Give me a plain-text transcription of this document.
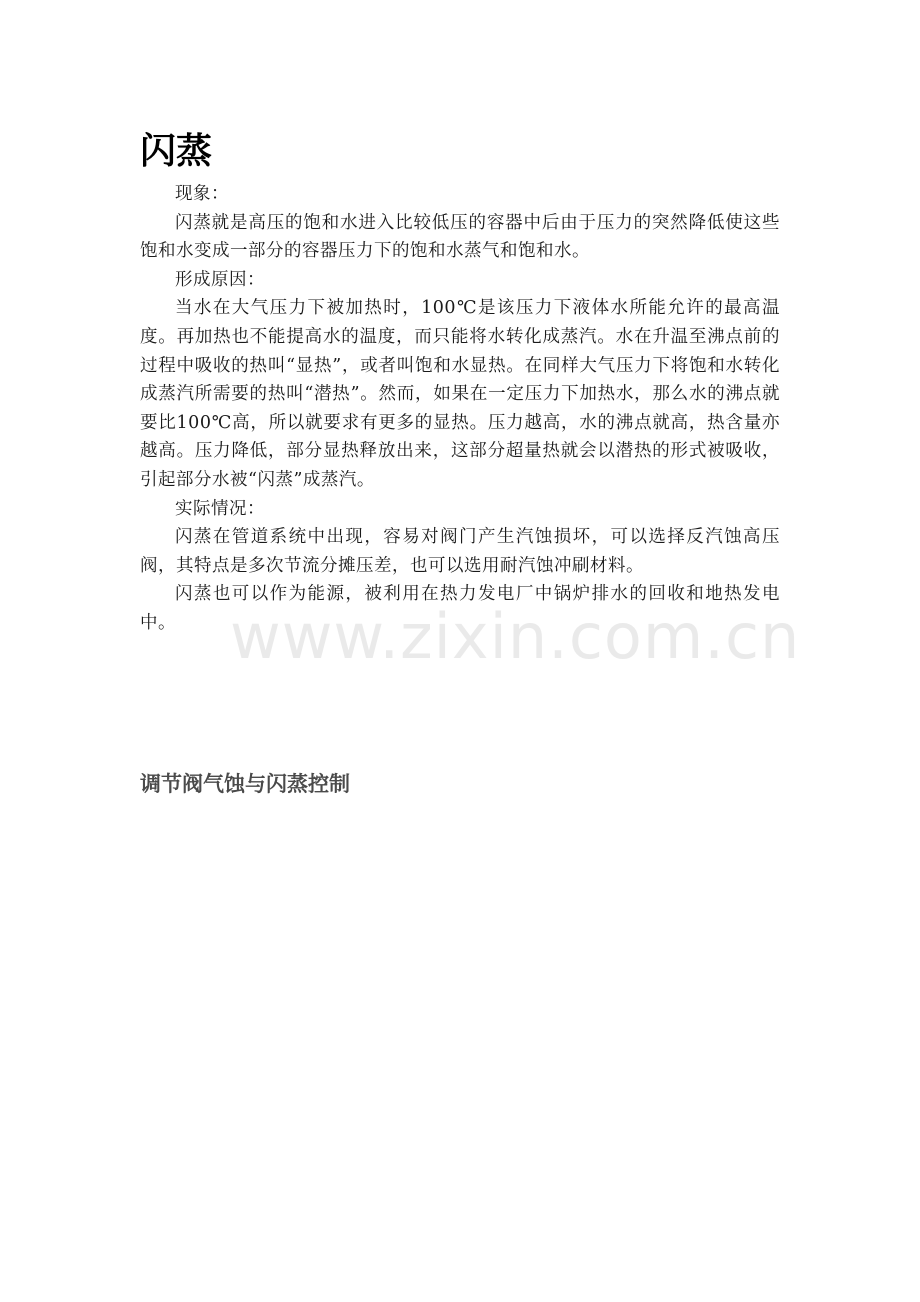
闪蒸

现象：

闪蒸就是高压的饱和水进入比较低压的容器中后由于压力的突然降低使这些饱和水变成一部分的容器压力下的饱和水蒸气和饱和水。

形成原因：

当水在大气压力下被加热时，100℃是该压力下液体水所能允许的最高温度。再加热也不能提高水的温度，而只能将水转化成蒸汽。水在升温至沸点前的过程中吸收的热叫“显热”，或者叫饱和水显热。在同样大气压力下将饱和水转化成蒸汽所需要的热叫“潜热”。然而，如果在一定压力下加热水，那么水的沸点就要比100℃高，所以就要求有更多的显热。压力越高，水的沸点就高，热含量亦越高。压力降低，部分显热释放出来，这部分超量热就会以潜热的形式被吸收，引起部分水被“闪蒸”成蒸汽。

实际情况：

闪蒸在管道系统中出现，容易对阀门产生汽蚀损坏，可以选择反汽蚀高压阀，其特点是多次节流分摊压差，也可以选用耐汽蚀冲刷材料。

闪蒸也可以作为能源，被利用在热力发电厂中锅炉排水的回收和地热发电中。 www.zixin.com.cn
调节阀气蚀与闪蒸控制
